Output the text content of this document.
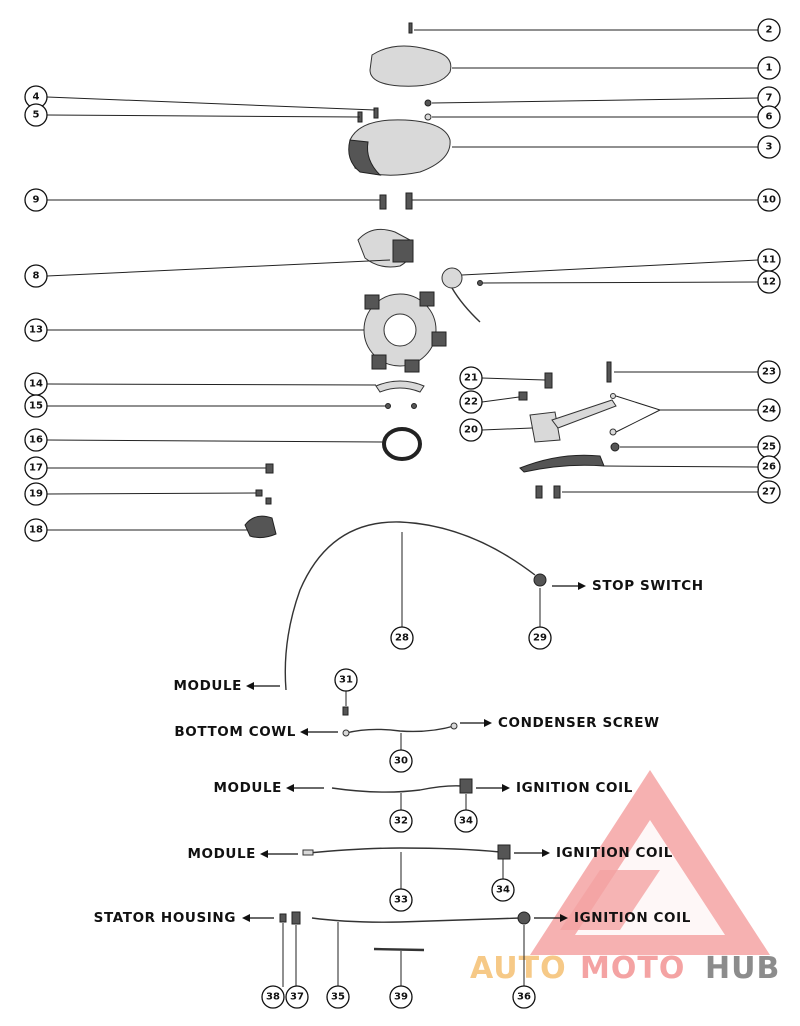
AUTO MOTO HUB
2
1
4
5
7
6
3
9	10
8
11
12
13
23
21
22
24
20
14
15
16
25
26
17
19	27
18
28	29
31
30
32	34
33
34
38 37	35	39	36
STOP SWITCH
MODULE
BOTTOM COWL
CONDENSER SCREW
MODULE	IGNITION COIL
MODULE	IGNITION COIL
STATOR HOUSING	IGNITION COIL
